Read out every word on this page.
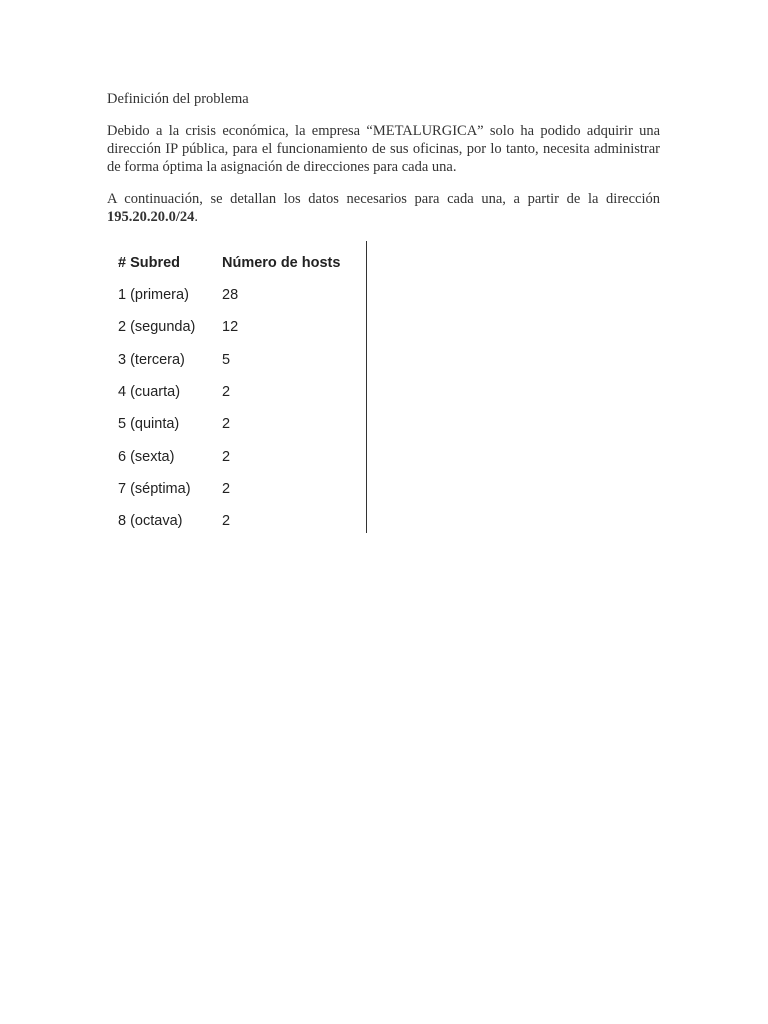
Definición del problema

Debido a la crisis económica, la empresa “METALURGICA” solo ha podido adquirir una dirección IP pública, para el funcionamiento de sus oficinas, por lo tanto, necesita administrar de forma óptima la asignación de direcciones para cada una.

A continuación, se detallan los datos necesarios para cada una, a partir de la dirección 195.20.20.0/24.

# Subred	Número de hosts
1 (primera)	28
2 (segunda)	12
3 (tercera)	5
4 (cuarta)	2
5 (quinta)	2
6 (sexta)	2
7 (séptima)	2
8 (octava)	2
